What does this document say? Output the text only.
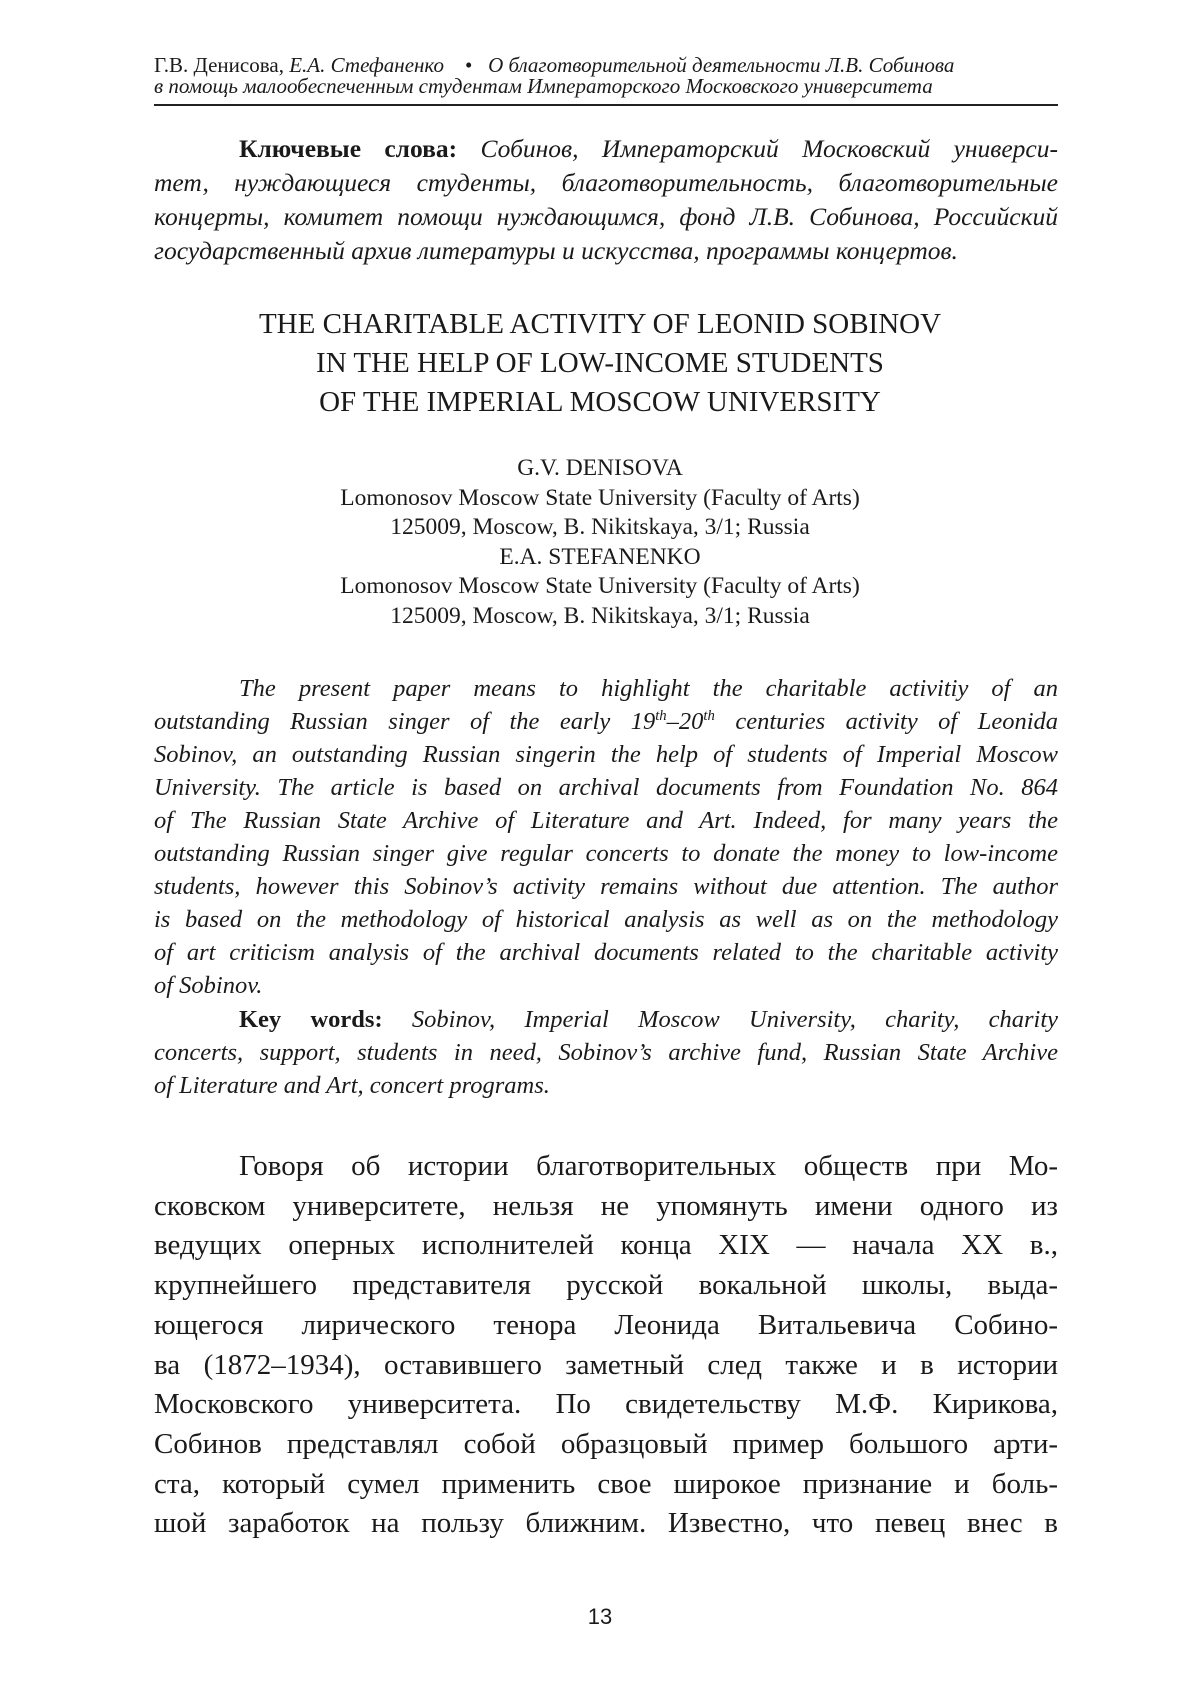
Г.В. Денисова, Е.А. Стефаненко • О благотворительной деятельности Л.В. Собинова
в помощь малообеспеченным студентам Императорского Московского университета
Ключевые слова: Собинов, Императорский Московский универси-
тет, нуждающиеся студенты, благотворительность, благотворительные
концерты, комитет помощи нуждающимся, фонд Л.В. Собинова, Российский
государственный архив литературы и искусства, программы концертов.
THE CHARITABLE ACTIVITY OF LEONID SOBINOV
IN THE HELP OF LOW-INCOME STUDENTS
OF THE IMPERIAL MOSCOW UNIVERSITY
G.V. DENISOVA
Lomonosov Moscow State University (Faculty of Arts)
125009, Moscow, B. Nikitskaya, 3/1; Russia
E.A. STEFANENKO
Lomonosov Moscow State University (Faculty of Arts)
125009, Moscow, B. Nikitskaya, 3/1; Russia
The present paper means to highlight the charitable activitiy of an
outstanding Russian singer of the early 19th–20th centuries activity of Leonida
Sobinov, an outstanding Russian singerin the help of students of Imperial Moscow
University. The article is based on archival documents from Foundation No. 864
of The Russian State Archive of Literature and Art. Indeed, for many years the
outstanding Russian singer give regular concerts to donate the money to low-income
students, however this Sobinov’s activity remains without due attention. The author
is based on the methodology of historical analysis as well as on the methodology
of art criticism analysis of the archival documents related to the charitable activity
of Sobinov.
Key words: Sobinov, Imperial Moscow University, charity, charity
concerts, support, students in need, Sobinov’s archive fund, Russian State Archive
of Literature and Art, concert programs.
Говоря об истории благотворительных обществ при Мо-
сковском университете, нельзя не упомянуть имени одного из
ведущих оперных исполнителей конца XIX — начала XX в.,
крупнейшего представителя русской вокальной школы, выда-
ющегося лирического тенора Леонида Витальевича Собино-
ва (1872–1934), оставившего заметный след также и в истории
Московского университета. По свидетельству М.Ф. Кирикова,
Собинов представлял собой образцовый пример большого арти-
ста, который сумел применить свое широкое признание и боль-
шой заработок на пользу ближним. Известно, что певец внес в
13
